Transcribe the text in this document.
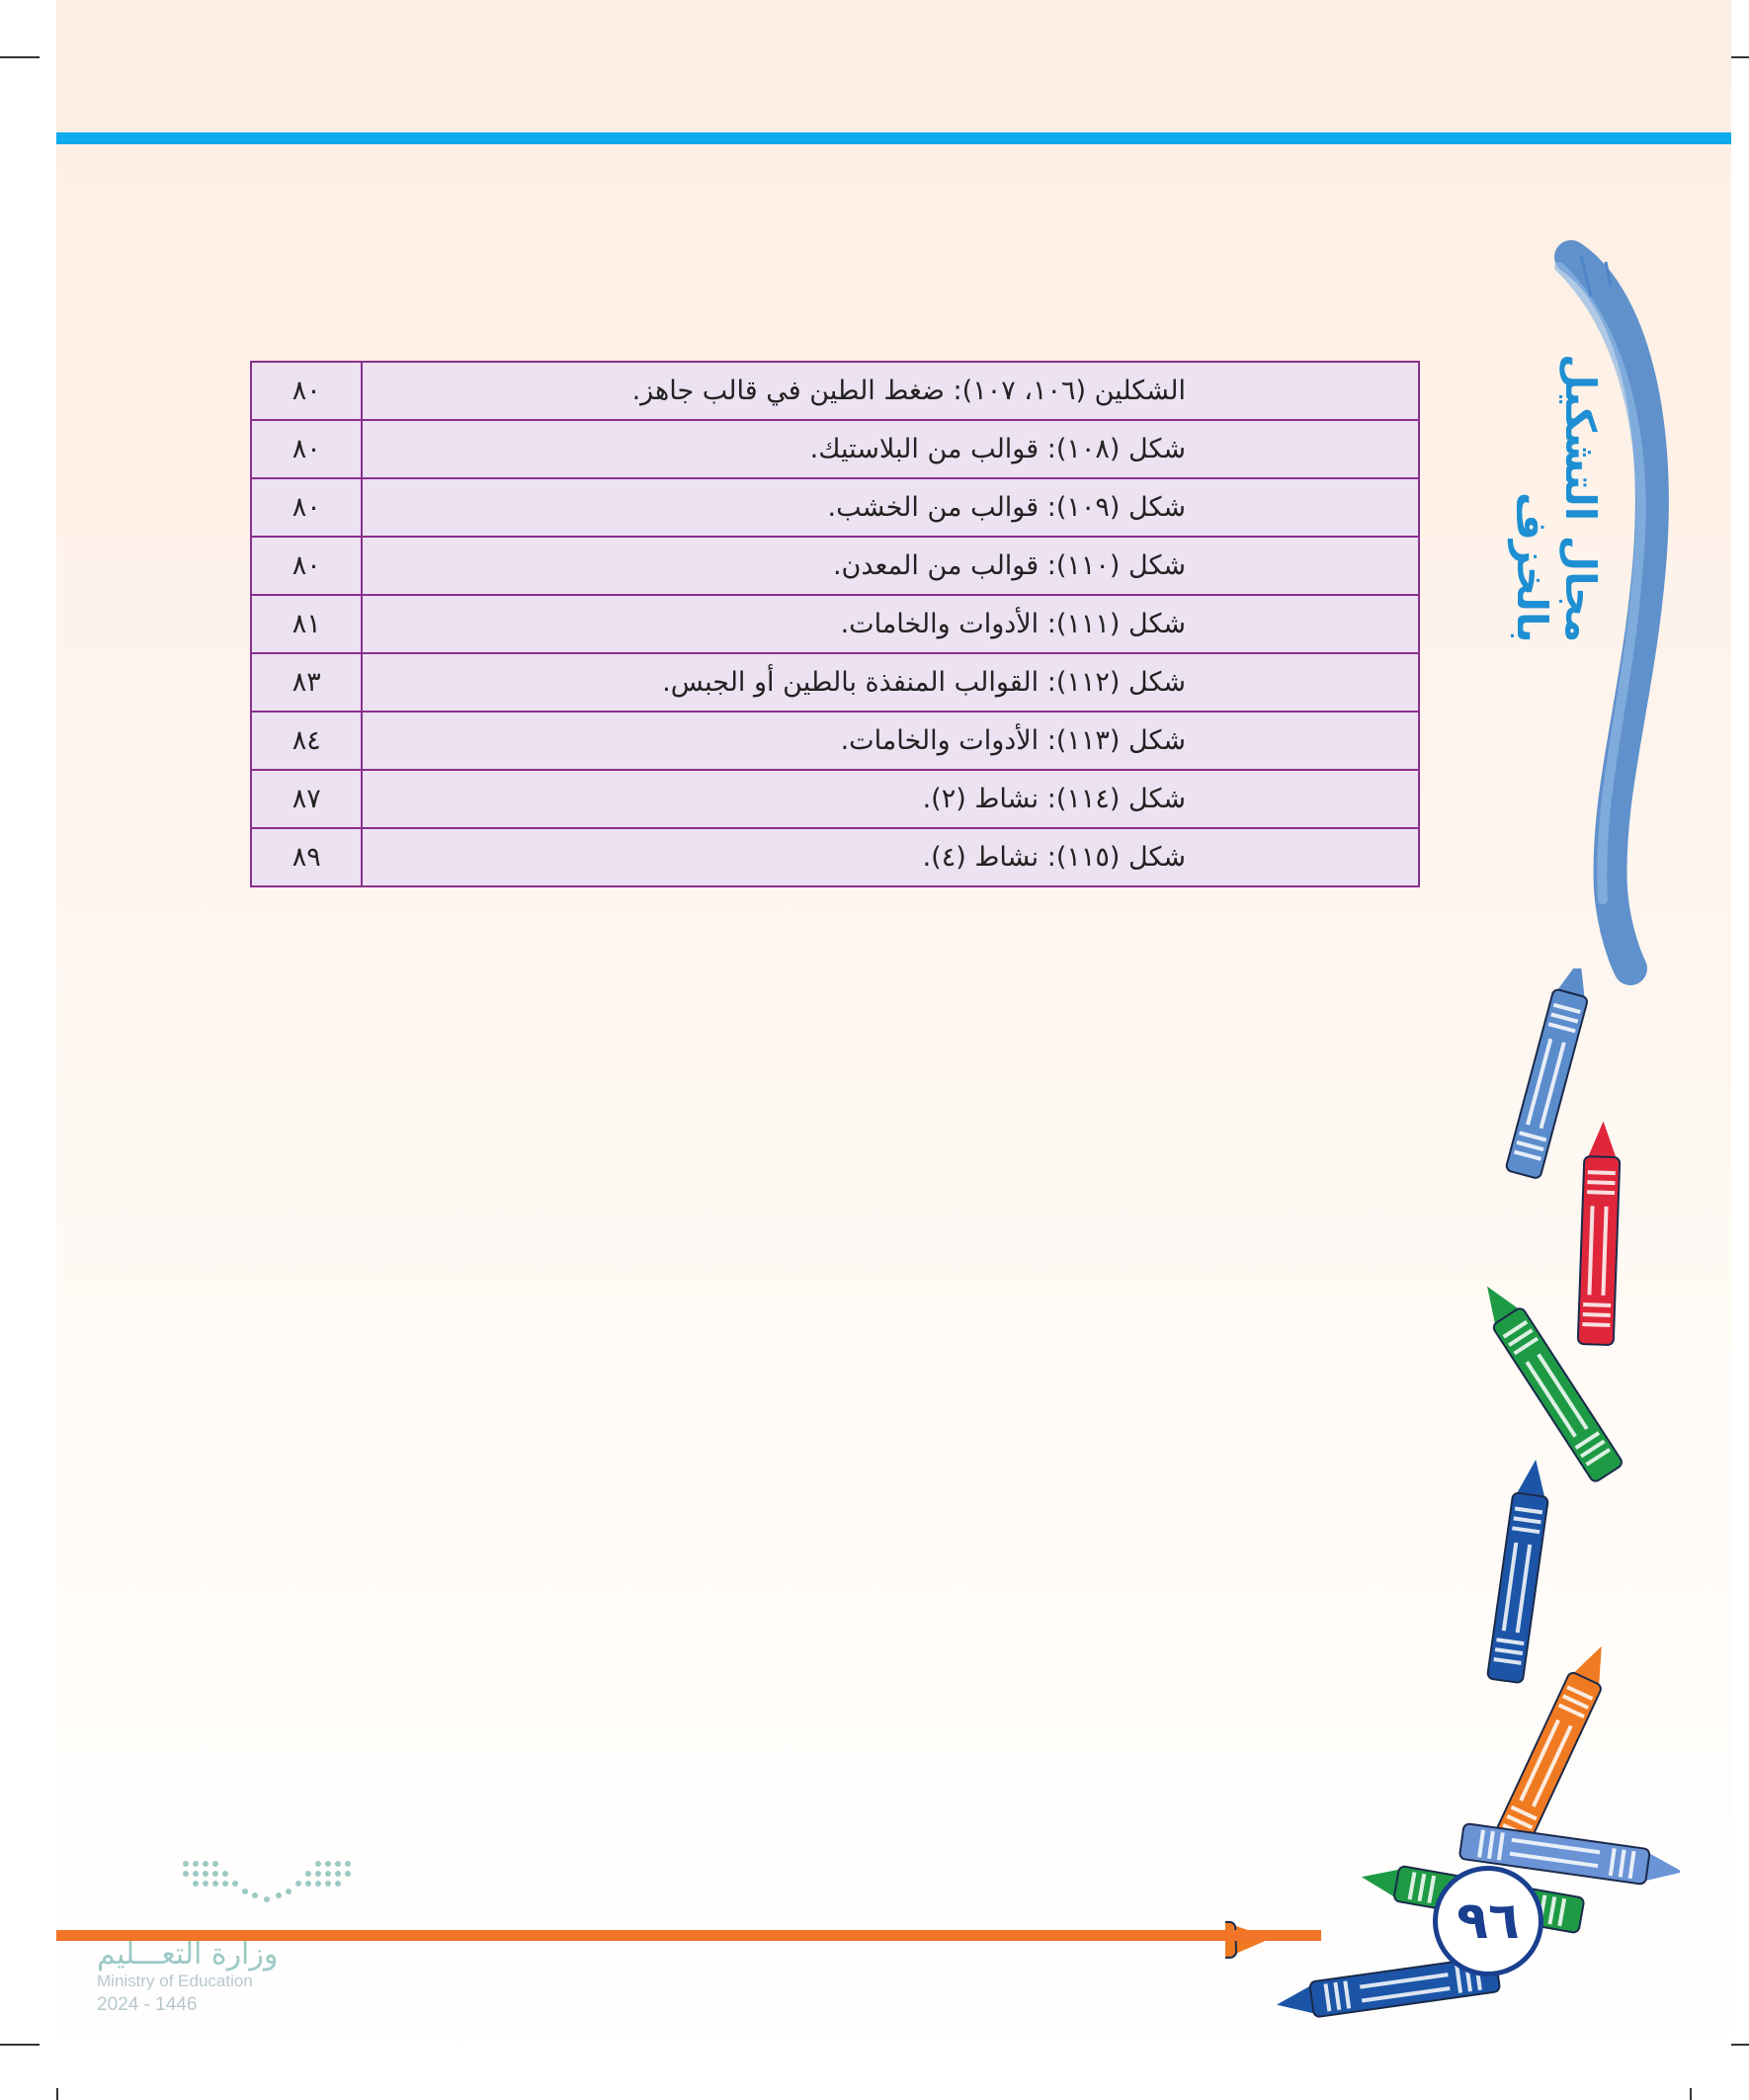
مجال التشكيل بالخزف
الشكلين (١٠٦، ١٠٧): ضغط الطين في قالب جاهز.	٨٠
شكل (١٠٨): قوالب من البلاستيك.	٨٠
شكل (١٠٩): قوالب من الخشب.	٨٠
شكل (١١٠): قوالب من المعدن.	٨٠
شكل (١١١): الأدوات والخامات.	٨١
شكل (١١٢): القوالب المنفذة بالطين أو الجبس.	٨٣
شكل (١١٣): الأدوات والخامات.	٨٤
شكل (١١٤): نشاط (٢).	٨٧
شكل (١١٥): نشاط (٤).	٨٩
٩٦
وزارة التعـــليم
Ministry of Education
2024 - 1446
